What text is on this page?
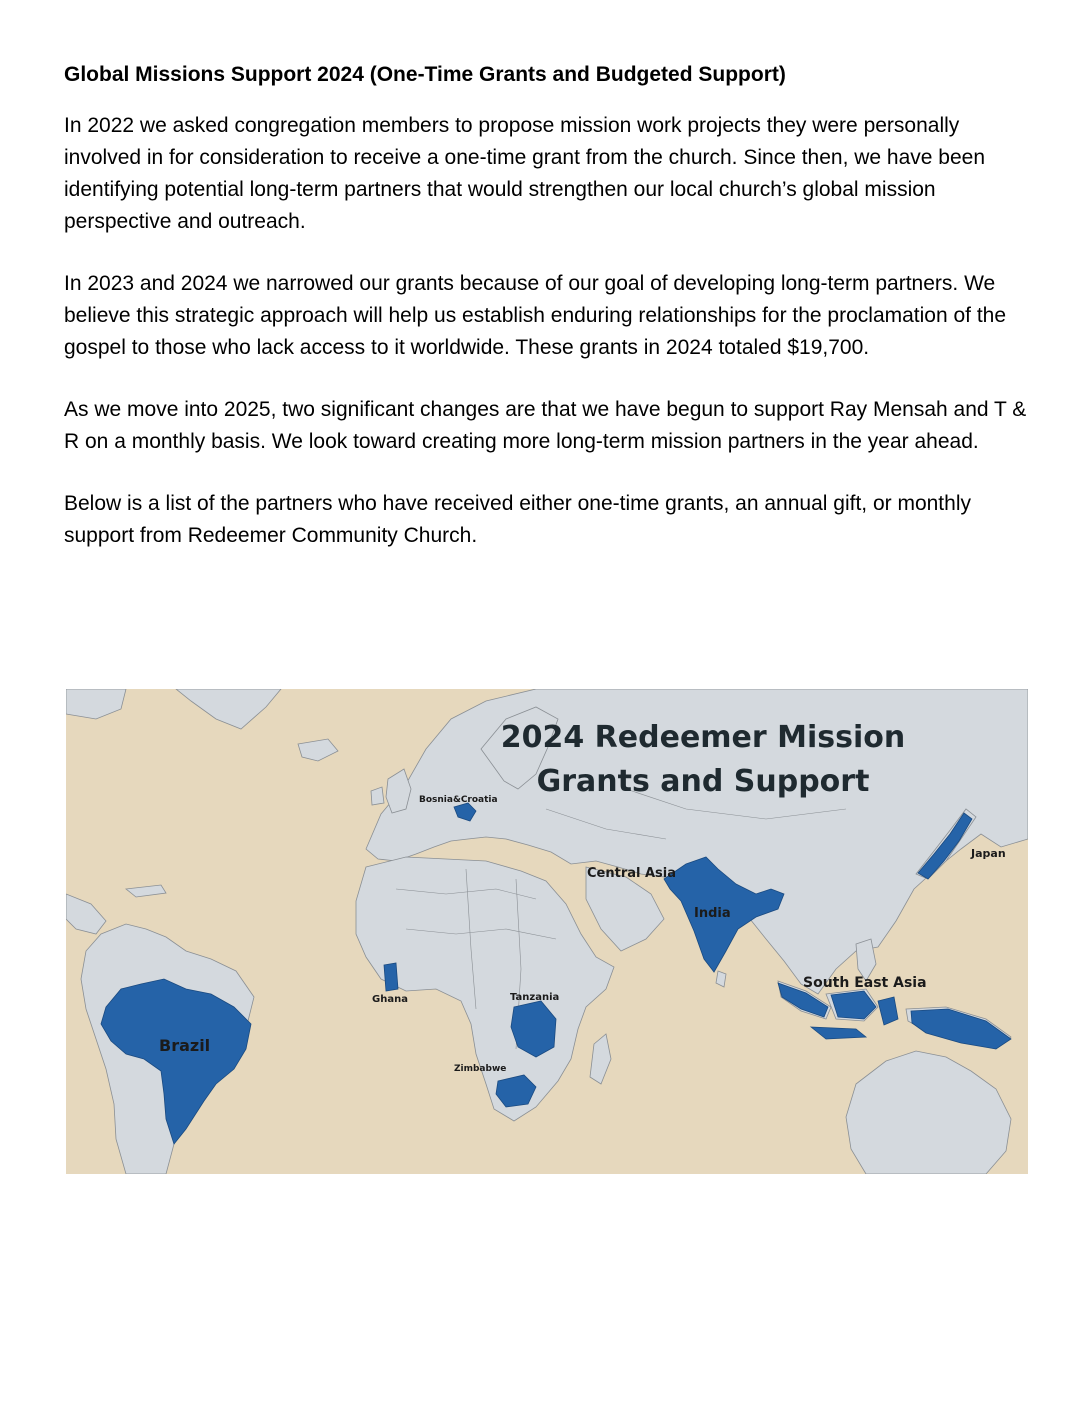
Global Missions Support 2024 (One-Time Grants and Budgeted Support)

In 2022 we asked congregation members to propose mission work projects they were personally involved in for consideration to receive a one-time grant from the church. Since then, we have been identifying potential long-term partners that would strengthen our local church’s global mission perspective and outreach.

In 2023 and 2024 we narrowed our grants because of our goal of developing long-term partners. We believe this strategic approach will help us establish enduring relationships for the proclamation of the gospel to those who lack access to it worldwide. These grants in 2024 totaled $19,700.

As we move into 2025, two significant changes are that we have begun to support Ray Mensah and T & R on a monthly basis. We look toward creating more long-term mission partners in the year ahead.

Below is a list of the partners who have received either one-time grants, an annual gift, or monthly support from Redeemer Community Church.

2024 Redeemer Mission
Grants and Support
Bosnia&Croatia
Central Asia
Japan
India
Ghana	Tanzania
South East Asia
Brazil
Zimbabwe
